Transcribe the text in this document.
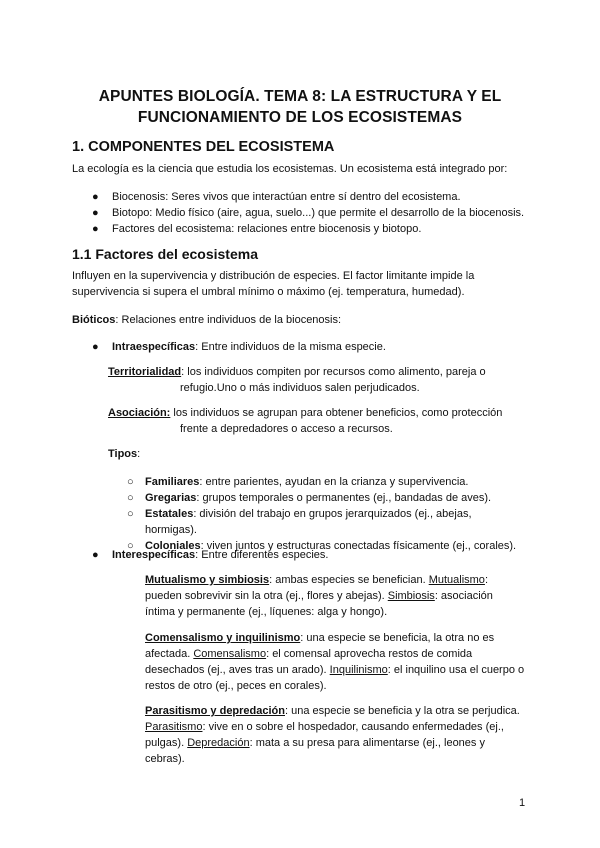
APUNTES BIOLOGÍA. TEMA 8: LA ESTRUCTURA Y EL
FUNCIONAMIENTO DE LOS ECOSISTEMAS
1. COMPONENTES DEL ECOSISTEMA
La ecología es la ciencia que estudia los ecosistemas. Un ecosistema está integrado por:
● Biocenosis: Seres vivos que interactúan entre sí dentro del ecosistema.
● Biotopo: Medio físico (aire, agua, suelo...) que permite el desarrollo de la biocenosis.
● Factores del ecosistema: relaciones entre biocenosis y biotopo.
1.1 Factores del ecosistema
Influyen en la supervivencia y distribución de especies. El factor limitante impide la
supervivencia si supera el umbral mínimo o máximo (ej. temperatura, humedad).
Bióticos: Relaciones entre individuos de la biocenosis:
● Intraespecíficas: Entre individuos de la misma especie.
Territorialidad: los individuos compiten por recursos como alimento, pareja o
refugio.Uno o más individuos salen perjudicados.
Asociación: los individuos se agrupan para obtener beneficios, como protección
frente a depredadores o acceso a recursos.
Tipos:
○ Familiares: entre parientes, ayudan en la crianza y supervivencia.
○ Gregarias: grupos temporales o permanentes (ej., bandadas de aves).
○ Estatales: división del trabajo en grupos jerarquizados (ej., abejas,
hormigas).
○ Coloniales: viven juntos y estructuras conectadas físicamente (ej., corales).
● Interespecíficas: Entre diferentes especies.
Mutualismo y simbiosis: ambas especies se benefician. Mutualismo:
pueden sobrevivir sin la otra (ej., flores y abejas). Simbiosis: asociación
íntima y permanente (ej., líquenes: alga y hongo).
Comensalismo y inquilinismo: una especie se beneficia, la otra no es
afectada. Comensalismo: el comensal aprovecha restos de comida
desechados (ej., aves tras un arado). Inquilinismo: el inquilino usa el cuerpo o
restos de otro (ej., peces en corales).
Parasitismo y depredación: una especie se beneficia y la otra se perjudica.
Parasitismo: vive en o sobre el hospedador, causando enfermedades (ej.,
pulgas). Depredación: mata a su presa para alimentarse (ej., leones y
cebras).
1
